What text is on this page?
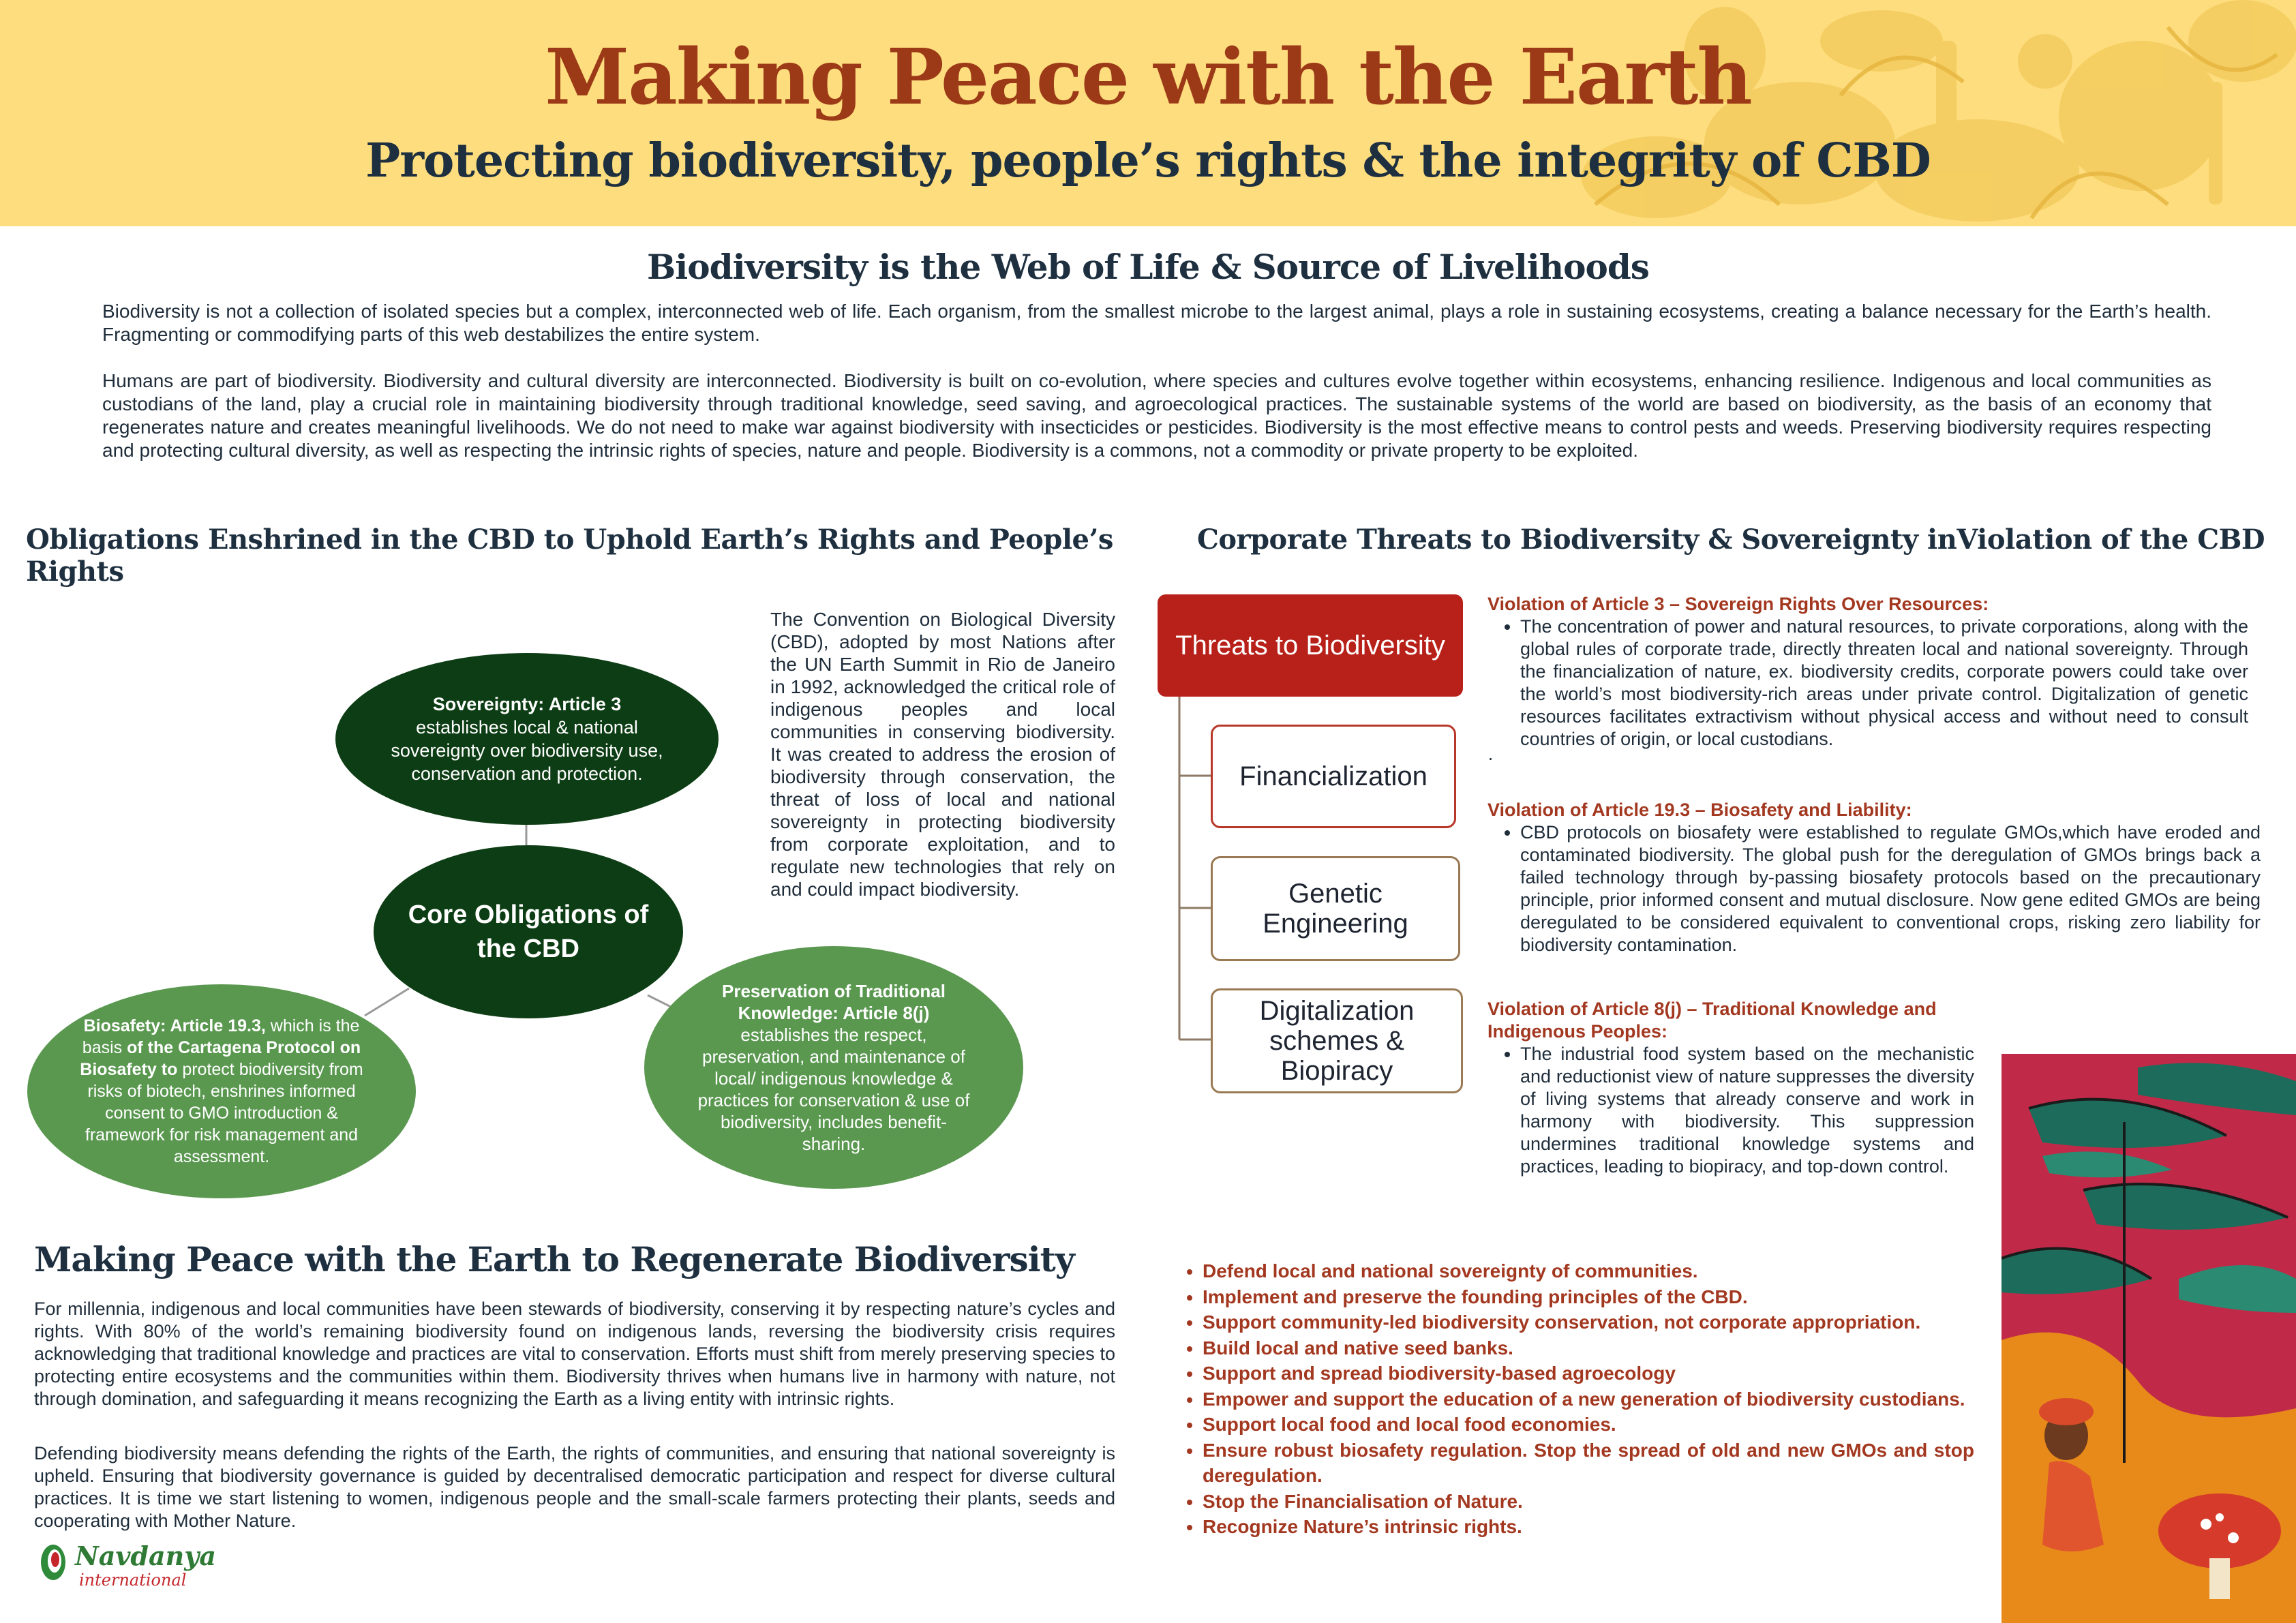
Making Peace with the Earth
Protecting biodiversity, people’s rights & the integrity of CBD
Biodiversity is the Web of Life & Source of Livelihoods
Biodiversity is not a collection of isolated species but a complex, interconnected web of life. Each organism, from the smallest microbe to the largest animal, plays a role in sustaining ecosystems, creating a balance necessary for the Earth’s health. Fragmenting or commodifying parts of this web destabilizes the entire system.
Humans are part of biodiversity. Biodiversity and cultural diversity are interconnected. Biodiversity is built on co-evolution, where species and cultures evolve together within ecosystems, enhancing resilience. Indigenous and local communities as custodians of the land, play a crucial role in maintaining biodiversity through traditional knowledge, seed saving, and agroecological practices. The sustainable systems of the world are based on biodiversity, as the basis of an economy that regenerates nature and creates meaningful livelihoods. We do not need to make war against biodiversity with insecticides or pesticides. Biodiversity is the most effective means to control pests and weeds. Preserving biodiversity requires respecting and protecting cultural diversity, as well as respecting the intrinsic rights of species, nature and people. Biodiversity is a commons, not a commodity or private property to be exploited.
Obligations Enshrined in the CBD to Uphold Earth’s Rights and People’s Rights
Sovereignty: Article 3
establishes local & national sovereignty over biodiversity use, conservation and protection.
Core Obligations of the CBD
Biosafety: Article 19.3, which is the basis of the Cartagena Protocol on Biosafety to protect biodiversity from risks of biotech, enshrines informed consent to GMO introduction & framework for risk management and assessment.
Preservation of Traditional Knowledge: Article 8(j)
establishes the respect, preservation, and maintenance of local/ indigenous knowledge & practices for conservation & use of biodiversity, includes benefit-sharing.
The Convention on Biological Diversity (CBD), adopted by most Nations after the UN Earth Summit in Rio de Janeiro in 1992, acknowledged the critical role of indigenous peoples and local communities in conserving biodiversity. It was created to address the erosion of biodiversity through conservation, the threat of loss of local and national sovereignty in protecting biodiversity from corporate exploitation, and to regulate new technologies that rely on and could impact biodiversity.
Corporate Threats to Biodiversity & Sovereignty inViolation of the CBD
Threats to Biodiversity
Financialization
Genetic Engineering
Digitalization schemes & Biopiracy
Violation of Article 3 – Sovereign Rights Over Resources:
• The concentration of power and natural resources, to private corporations, along with the global rules of corporate trade, directly threaten local and national sovereignty. Through the financialization of nature, ex. biodiversity credits, corporate powers could take over the world’s most biodiversity-rich areas under private control. Digitalization of genetic resources facilitates extractivism without physical access and without need to consult countries of origin, or local custodians.
·
Violation of Article 19.3 – Biosafety and Liability:
• CBD protocols on biosafety were established to regulate GMOs,which have eroded and contaminated biodiversity. The global push for the deregulation of GMOs brings back a failed technology through by-passing biosafety protocols based on the precautionary principle, prior informed consent and mutual disclosure. Now gene edited GMOs are being deregulated to be considered equivalent to conventional crops, risking zero liability for biodiversity contamination.
Violation of Article 8(j) – Traditional Knowledge and Indigenous Peoples:
• The industrial food system based on the mechanistic and reductionist view of nature suppresses the diversity of living systems that already conserve and work in harmony with biodiversity. This suppression undermines traditional knowledge systems and practices, leading to biopiracy, and top-down control.
Making Peace with the Earth to Regenerate Biodiversity
For millennia, indigenous and local communities have been stewards of biodiversity, conserving it by respecting nature’s cycles and rights. With 80% of the world’s remaining biodiversity found on indigenous lands, reversing the biodiversity crisis requires acknowledging that traditional knowledge and practices are vital to conservation. Efforts must shift from merely preserving species to protecting entire ecosystems and the communities within them. Biodiversity thrives when humans live in harmony with nature, not through domination, and safeguarding it means recognizing the Earth as a living entity with intrinsic rights.
Defending biodiversity means defending the rights of the Earth, the rights of communities, and ensuring that national sovereignty is upheld. Ensuring that biodiversity governance is guided by decentralised democratic participation and respect for diverse cultural practices. It is time we start listening to women, indigenous people and the small-scale farmers protecting their plants, seeds and cooperating with Mother Nature.
• Defend local and national sovereignty of communities.
• Implement and preserve the founding principles of the CBD.
• Support community-led biodiversity conservation, not corporate appropriation.
• Build local and native seed banks.
• Support and spread biodiversity-based agroecology
• Empower and support the education of a new generation of biodiversity custodians.
• Support local food and local food economies.
• Ensure robust biosafety regulation. Stop the spread of old and new GMOs and stop deregulation.
• Stop the Financialisation of Nature.
• Recognize Nature’s intrinsic rights.
Navdanya
international
